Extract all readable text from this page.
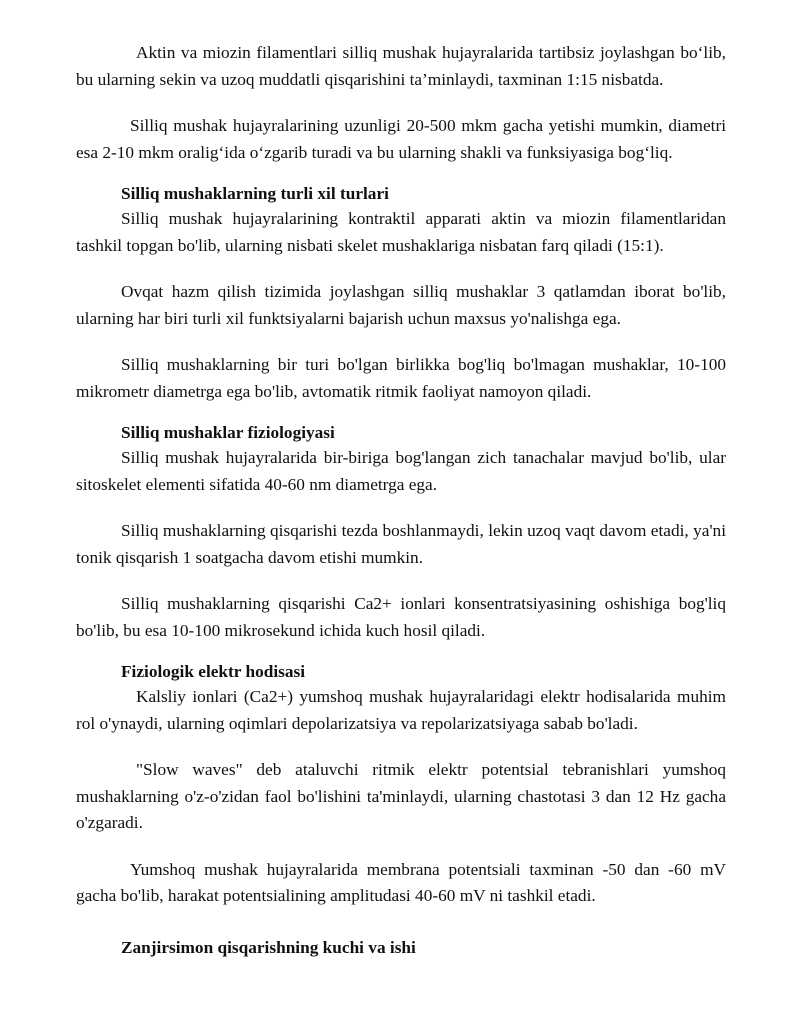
Aktin va miozin filamentlari silliq mushak hujayralarida tartibsiz joylashgan bo‘lib, bu ularning sekin va uzoq muddatli qisqarishini ta’minlaydi, taxminan 1:15 nisbatda.

Silliq mushak hujayralarining uzunligi 20-500 mkm gacha yetishi mumkin, diametri esa 2-10 mkm oralig‘ida o‘zgarib turadi va bu ularning shakli va funksiyasiga bog‘liq.

Silliq mushaklarning turli xil turlari

Silliq mushak hujayralarining kontraktil apparati aktin va miozin filamentlaridan tashkil topgan bo'lib, ularning nisbati skelet mushaklariga nisbatan farq qiladi (15:1).

Ovqat hazm qilish tizimida joylashgan silliq mushaklar 3 qatlamdan iborat bo'lib, ularning har biri turli xil funktsiyalarni bajarish uchun maxsus yo'nalishga ega.

Silliq mushaklarning bir turi bo'lgan birlikka bog'liq bo'lmagan mushaklar, 10-100 mikrometr diametrga ega bo'lib, avtomatik ritmik faoliyat namoyon qiladi.

Silliq mushaklar fiziologiyasi

Silliq mushak hujayralarida bir-biriga bog'langan zich tanachalar mavjud bo'lib, ular sitoskelet elementi sifatida 40-60 nm diametrga ega.

Silliq mushaklarning qisqarishi tezda boshlanmaydi, lekin uzoq vaqt davom etadi, ya'ni tonik qisqarish 1 soatgacha davom etishi mumkin.

Silliq mushaklarning qisqarishi Ca2+ ionlari konsentratsiyasining oshishiga bog'liq bo'lib, bu esa 10-100 mikrosekund ichida kuch hosil qiladi.

Fiziologik elektr hodisasi

Kalsliy ionlari (Ca2+) yumshoq mushak hujayralaridagi elektr hodisalarida muhim rol o'ynaydi, ularning oqimlari depolarizatsiya va repolarizatsiyaga sabab bo'ladi.

"Slow waves" deb ataluvchi ritmik elektr potentsial tebranishlari yumshoq mushaklarning o'z-o'zidan faol bo'lishini ta'minlaydi, ularning chastotasi 3 dan 12 Hz gacha o'zgaradi.

Yumshoq mushak hujayralarida membrana potentsiali taxminan -50 dan -60 mV gacha bo'lib, harakat potentsialining amplitudasi 40-60 mV ni tashkil etadi.

Zanjirsimon qisqarishning kuchi va ishi
